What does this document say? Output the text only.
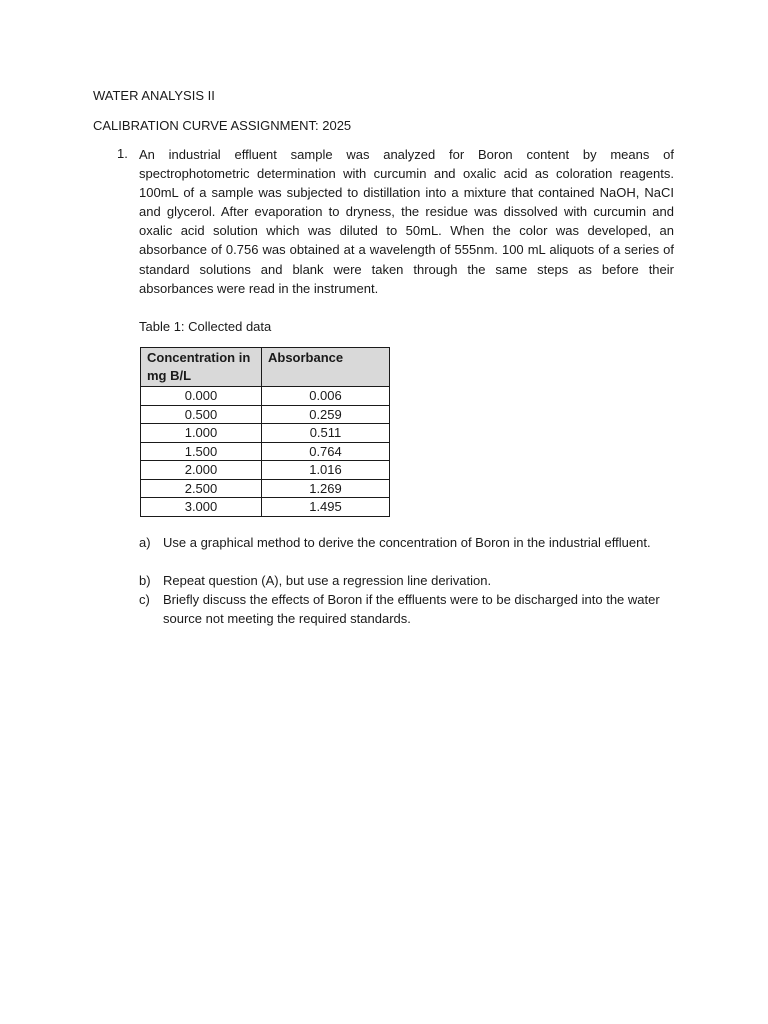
WATER ANALYSIS II
CALIBRATION CURVE ASSIGNMENT: 2025
1. An industrial effluent sample was analyzed for Boron content by means of spectrophotometric determination with curcumin and oxalic acid as coloration reagents. 100mL of a sample was subjected to distillation into a mixture that contained NaOH, NaCI and glycerol. After evaporation to dryness, the residue was dissolved with curcumin and oxalic acid solution which was diluted to 50mL. When the color was developed, an absorbance of 0.756 was obtained at a wavelength of 555nm. 100 mL aliquots of a series of standard solutions and blank were taken through the same steps as before their absorbances were read in the instrument.
Table 1: Collected data
Concentration in mg B/L	Absorbance
0.000	0.006
0.500	0.259
1.000	0.511
1.500	0.764
2.000	1.016
2.500	1.269
3.000	1.495
a) Use a graphical method to derive the concentration of Boron in the industrial effluent.
b) Repeat question (A), but use a regression line derivation.
c) Briefly discuss the effects of Boron if the effluents were to be discharged into the water source not meeting the required standards.
